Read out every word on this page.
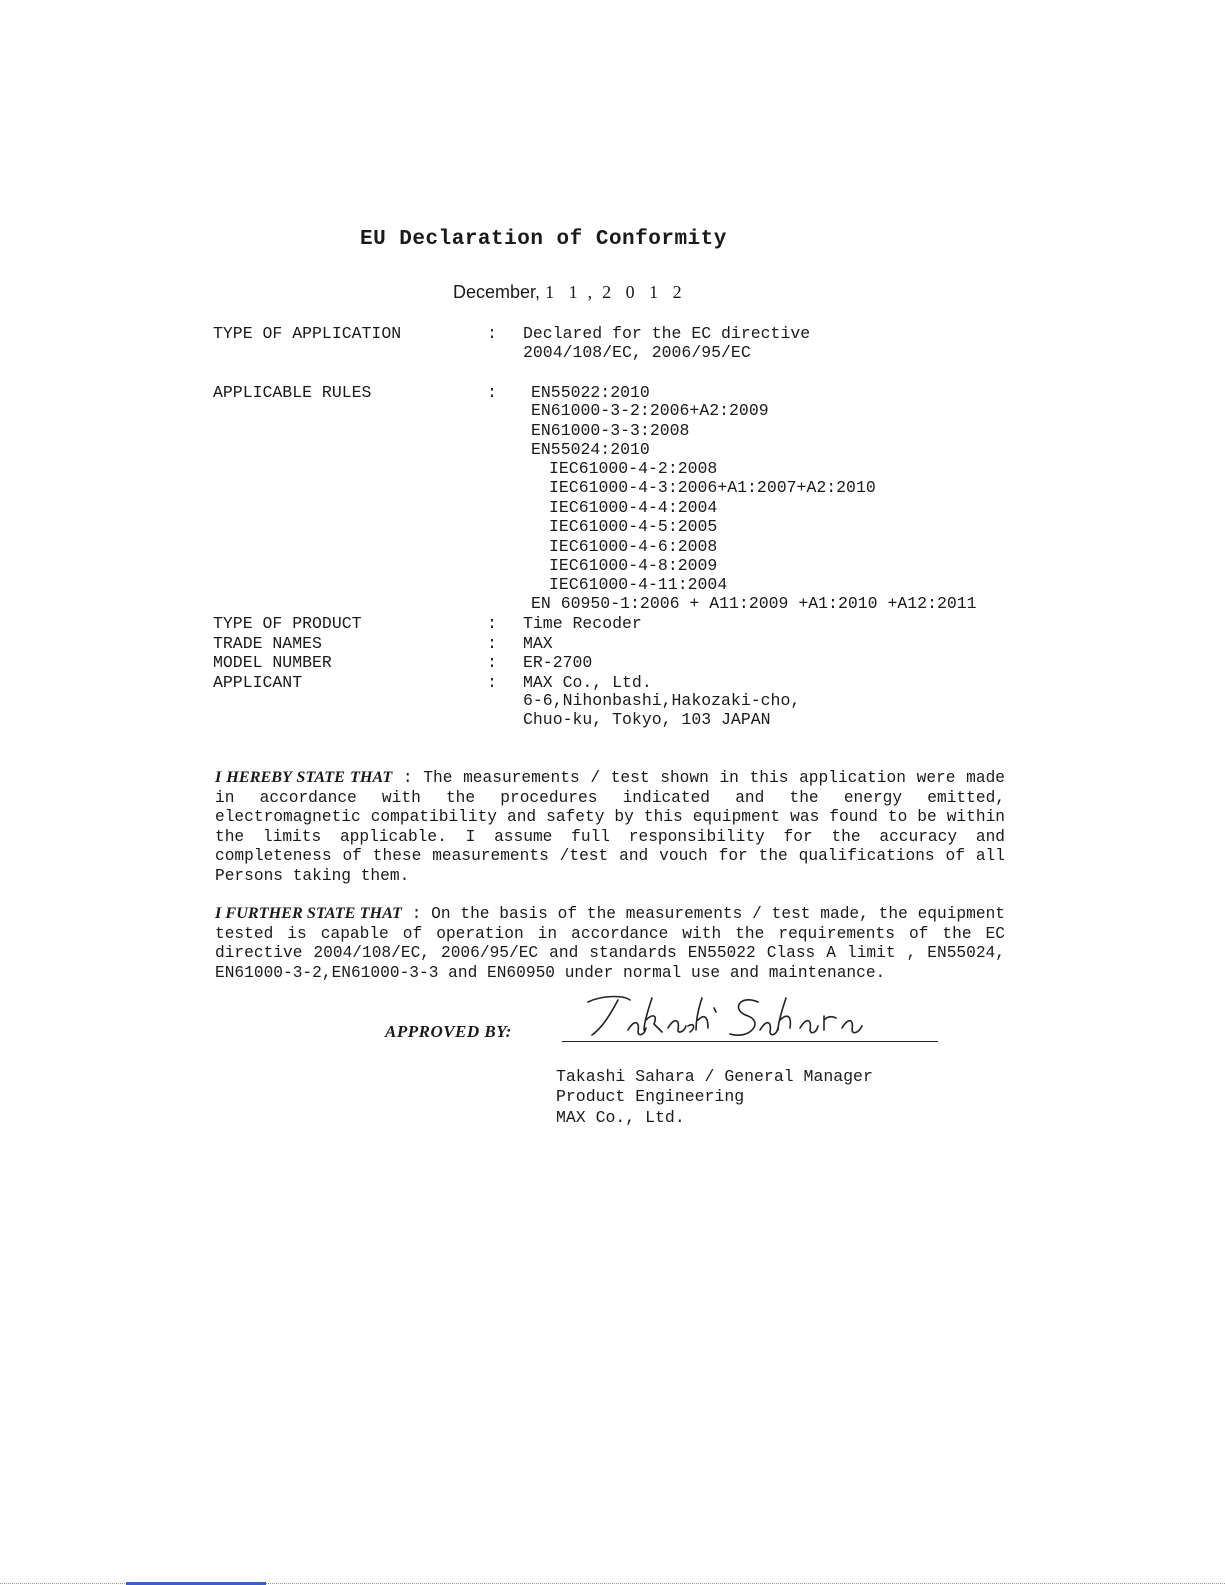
EU Declaration of Conformity
December, 1 1 , 2 0 1 2
TYPE OF APPLICATION	: Declared for the EC directive
2004/108/EC, 2006/95/EC
APPLICABLE RULES	: EN55022:2010
EN61000-3-2:2006+A2:2009
EN61000-3-3:2008
EN55024:2010
IEC61000-4-2:2008
IEC61000-4-3:2006+A1:2007+A2:2010
IEC61000-4-4:2004
IEC61000-4-5:2005
IEC61000-4-6:2008
IEC61000-4-8:2009
IEC61000-4-11:2004
EN 60950-1:2006 + A11:2009 +A1:2010 +A12:2011
TYPE OF PRODUCT	: Time Recoder
TRADE NAMES	: MAX
MODEL NUMBER	: ER-2700
APPLICANT	: MAX Co., Ltd.
6-6,Nihonbashi,Hakozaki-cho,
Chuo-ku, Tokyo, 103 JAPAN
I HEREBY STATE THAT : The measurements / test shown in this application were made in accordance with the procedures indicated and the energy emitted, electromagnetic compatibility and safety by this equipment was found to be within the limits applicable. I assume full responsibility for the accuracy and completeness of these measurements /test and vouch for the qualifications of all Persons taking them.
I FURTHER STATE THAT : On the basis of the measurements / test made, the equipment tested is capable of operation in accordance with the requirements of the EC directive 2004/108/EC, 2006/95/EC and standards EN55022 Class A limit , EN55024, EN61000-3-2,EN61000-3-3 and EN60950 under normal use and maintenance.
APPROVED BY:
Takashi Sahara / General Manager
Product Engineering
MAX Co., Ltd.
